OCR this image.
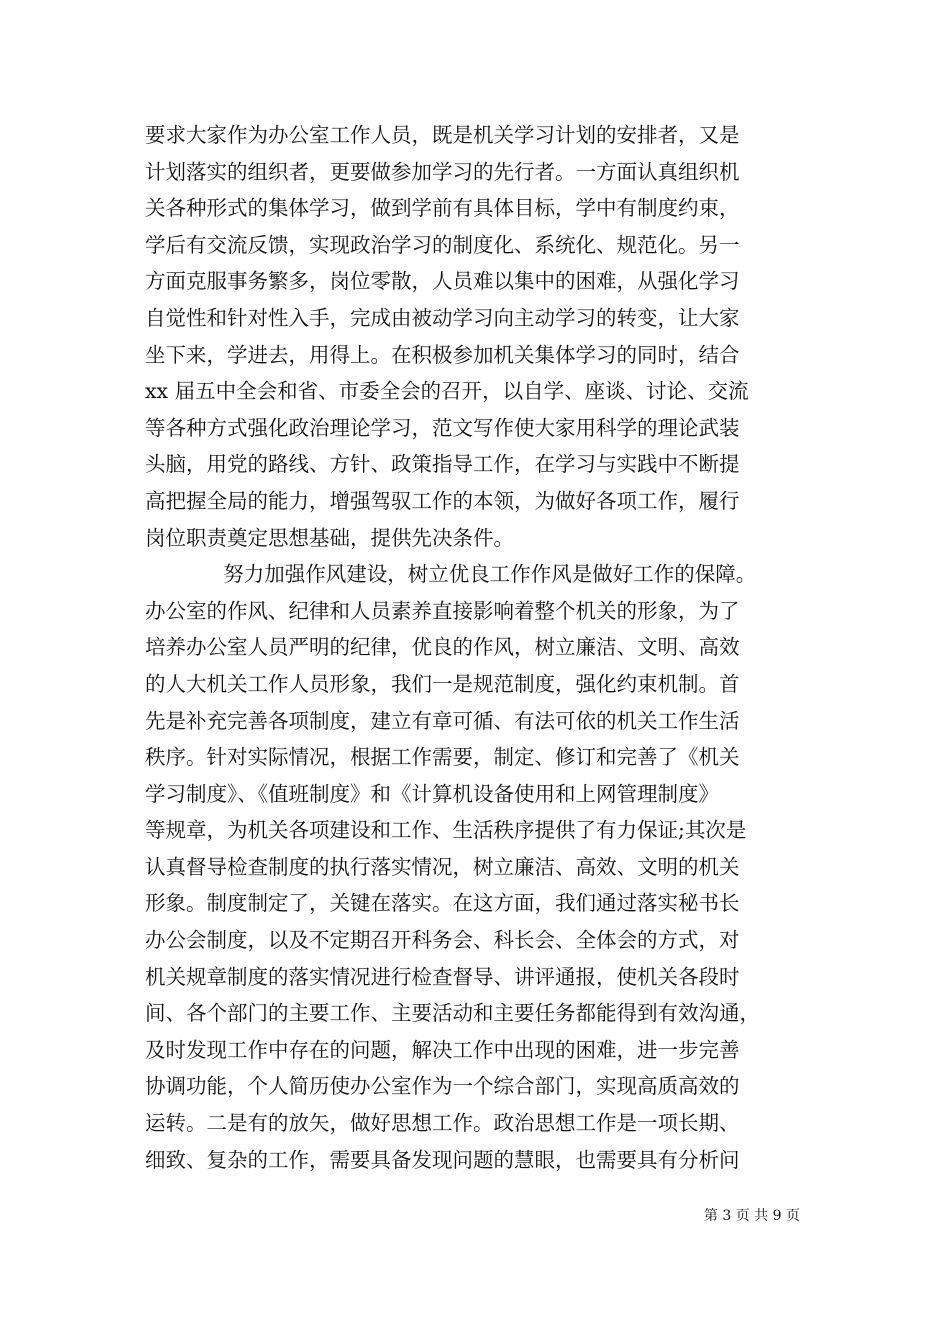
要求大家作为办公室工作人员，既是机关学习计划的安排者，又是
计划落实的组织者，更要做参加学习的先行者。一方面认真组织机
关各种形式的集体学习，做到学前有具体目标，学中有制度约束，
学后有交流反馈，实现政治学习的制度化、系统化、规范化。另一
方面克服事务繁多，岗位零散，人员难以集中的困难，从强化学习
自觉性和针对性入手，完成由被动学习向主动学习的转变，让大家
坐下来，学进去，用得上。在积极参加机关集体学习的同时，结合
xx 届五中全会和省、市委全会的召开，以自学、座谈、讨论、交流
等各种方式强化政治理论学习，范文写作使大家用科学的理论武装
头脑，用党的路线、方针、政策指导工作，在学习与实践中不断提
高把握全局的能力，增强驾驭工作的本领，为做好各项工作，履行
岗位职责奠定思想基础，提供先决条件。
努力加强作风建设，树立优良工作作风是做好工作的保障。
办公室的作风、纪律和人员素养直接影响着整个机关的形象，为了
培养办公室人员严明的纪律，优良的作风，树立廉洁、文明、高效
的人大机关工作人员形象，我们一是规范制度，强化约束机制。首
先是补充完善各项制度，建立有章可循、有法可依的机关工作生活
秩序。针对实际情况，根据工作需要，制定、修订和完善了《机关
学习制度》、《值班制度》和《计算机设备使用和上网管理制度》
等规章，为机关各项建设和工作、生活秩序提供了有力保证;其次是
认真督导检查制度的执行落实情况，树立廉洁、高效、文明的机关
形象。制度制定了，关键在落实。在这方面，我们通过落实秘书长
办公会制度，以及不定期召开科务会、科长会、全体会的方式，对
机关规章制度的落实情况进行检查督导、讲评通报，使机关各段时
间、各个部门的主要工作、主要活动和主要任务都能得到有效沟通，
及时发现工作中存在的问题，解决工作中出现的困难，进一步完善
协调功能，个人简历使办公室作为一个综合部门，实现高质高效的
运转。二是有的放矢，做好思想工作。政治思想工作是一项长期、
细致、复杂的工作，需要具备发现问题的慧眼，也需要具有分析问
第 3 页 共 9 页
